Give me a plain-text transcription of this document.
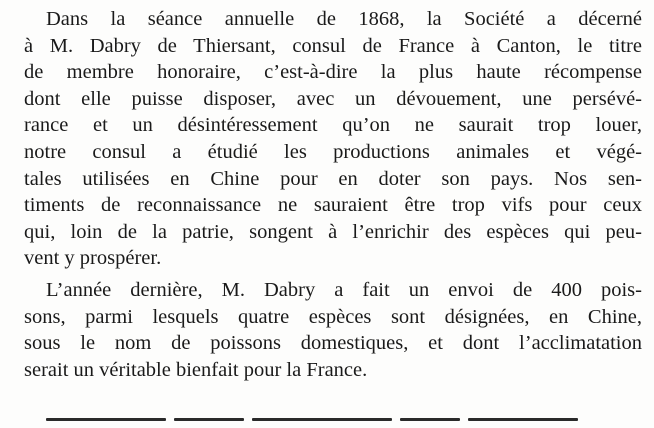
Dans la séance annuelle de 1868, la Société a décerné
à M. Dabry de Thiersant, consul de France à Canton, le titre
de membre honoraire, c’est-à-dire la plus haute récompense
dont elle puisse disposer, avec un dévouement, une persévé-
rance et un désintéressement qu’on ne saurait trop louer,
notre consul a étudié les productions animales et végé-
tales utilisées en Chine pour en doter son pays. Nos sen-
timents de reconnaissance ne sauraient être trop vifs pour ceux
qui, loin de la patrie, songent à l’enrichir des espèces qui peu-
vent y prospérer.
L’année dernière, M. Dabry a fait un envoi de 400 pois-
sons, parmi lesquels quatre espèces sont désignées, en Chine,
sous le nom de poissons domestiques, et dont l’acclimatation
serait un véritable bienfait pour la France.
